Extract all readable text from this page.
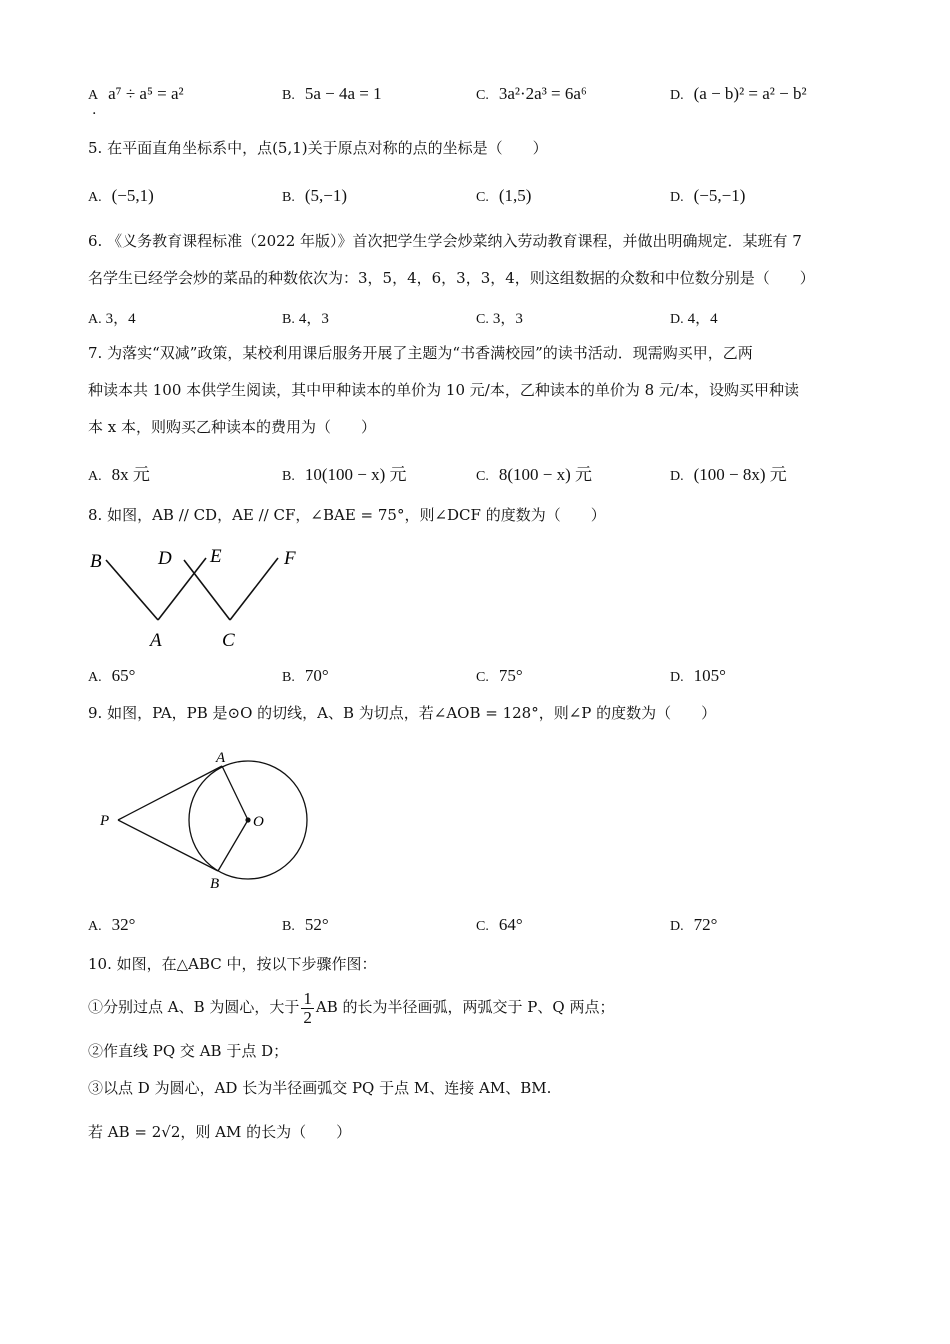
A a⁷ ÷ a⁵ = a²	B. 5a − 4a = 1	C. 3a²·2a³ = 6a⁶	D. (a − b)² = a² − b²
.
5. 在平面直角坐标系中，点(5,1)关于原点对称的点的坐标是（　　）
A. (−5,1)	B. (5,−1)	C. (1,5)	D. (−5,−1)
6. 《义务教育课程标准（2022 年版）》首次把学生学会炒菜纳入劳动教育课程，并做出明确规定．某班有 7
名学生已经学会炒的菜品的种数依次为：3，5，4，6，3，3，4，则这组数据的众数和中位数分别是（　　）
A. 3，4	B. 4，3	C. 3，3	D. 4，4
7. 为落实“双减”政策，某校利用课后服务开展了主题为“书香满校园”的读书活动．现需购买甲，乙两
种读本共 100 本供学生阅读，其中甲种读本的单价为 10 元/本，乙种读本的单价为 8 元/本，设购买甲种读
本 x 本，则购买乙种读本的费用为（　　）
A. 8x 元	B. 10(100 − x) 元	C. 8(100 − x) 元	D. (100 − 8x) 元
8. 如图，AB // CD，AE // CF，∠BAE = 75°，则∠DCF 的度数为（　　）
B	D E	F
A	C
A. 65°	B. 70°	C. 75°	D. 105°
9. 如图，PA，PB 是⊙O 的切线，A、B 为切点，若∠AOB = 128°，则∠P 的度数为（　　）
A
B
P	O
A. 32°	B. 52°	C. 64°	D. 72°
10. 如图，在△ABC 中，按以下步骤作图：
①分别过点 A、B 为圆心，大于 $\frac{1}{2}$ AB 的长为半径画弧，两弧交于 P、Q 两点；
②作直线 PQ 交 AB 于点 D；
③以点 D 为圆心，AD 长为半径画弧交 PQ 于点 M、连接 AM、BM.
若 AB = 2√2，则 AM 的长为（　　）
